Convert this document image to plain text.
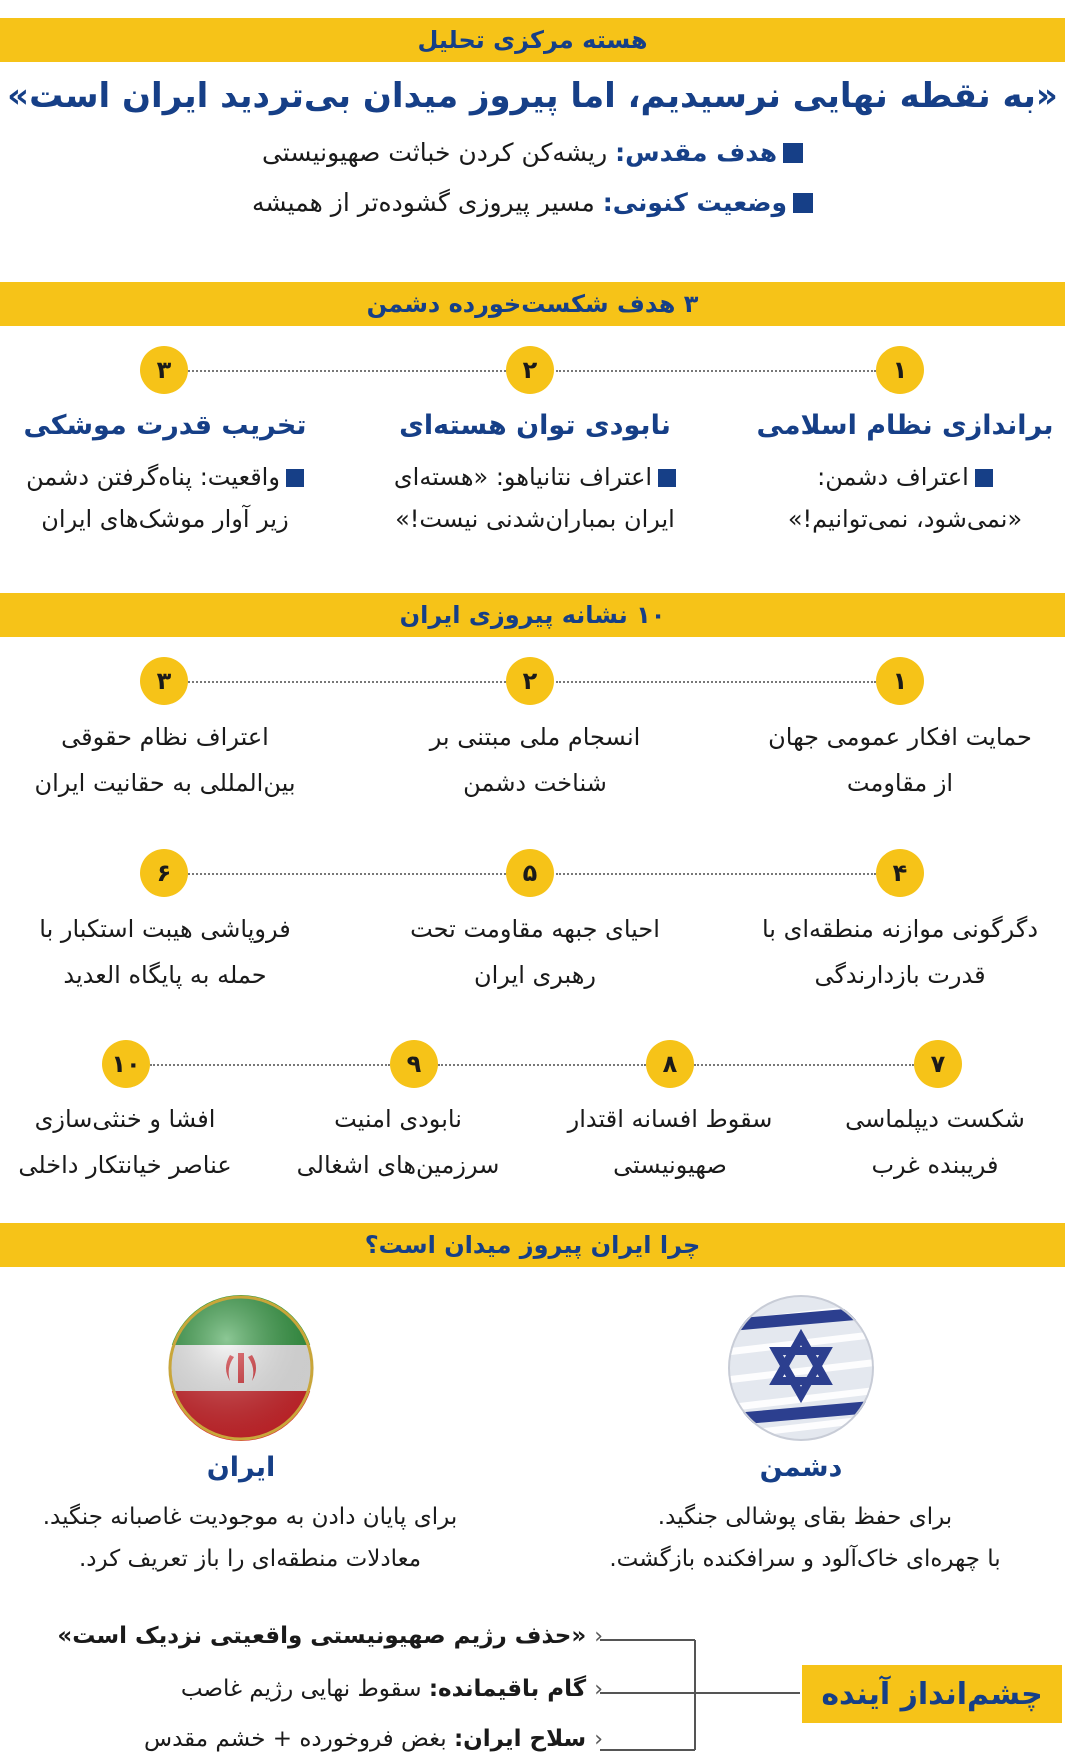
هسته مرکزی تحلیل
«به نقطه نهایی نرسیدیم، اما پیروز میدان بی‌تردید ایران است»
هدف مقدس: ریشه‌کن کردن خباثت صهیونیستی
وضعیت کنونی: مسیر پیروزی گشوده‌تر از همیشه
۳ هدف شکست‌خورده دشمن
۱
۲
۳
براندازی نظام اسلامی
نابودی توان هسته‌ای
تخریب قدرت موشکی
اعتراف دشمن:
«نمی‌شود، نمی‌توانیم!»
اعتراف نتانیاهو: «هسته‌ای
ایران بمباران‌شدنی نیست!»
واقعیت: پناه‌گرفتن دشمن
زیر آوار موشک‌های ایران
۱۰ نشانه پیروزی ایران
۱
۲
۳
حمایت افکار عمومی جهان
از مقاومت
انسجام ملی مبتنی بر
شناخت دشمن
اعتراف نظام حقوقی
بین‌المللی به حقانیت ایران
۴
۵
۶
دگرگونی موازنه منطقه‌ای با
قدرت بازدارندگی
احیای جبهه مقاومت تحت
رهبری ایران
فروپاشی هیبت استکبار با
حمله به پایگاه العدید
۷
۸
۹
۱۰
شکست دیپلماسی
فریبنده غرب
سقوط افسانه اقتدار
صهیونیستی
نابودی امنیت
سرزمین‌های اشغالی
افشا و خنثی‌سازی
عناصر خیانتکار داخلی
چرا ایران پیروز میدان است؟
دشمن
ایران
برای حفظ بقای پوشالی جنگید.
با چهره‌ای خاک‌آلود و سرافکنده بازگشت.
برای پایان دادن به موجودیت غاصبانه جنگید.
معادلات منطقه‌ای را باز تعریف کرد.
چشم‌انداز آینده
‹«حذف رژیم صهیونیستی واقعیتی نزدیک است»
‹گام باقیمانده: سقوط نهایی رژیم غاصب
‹سلاح ایران: بغض فروخورده + خشم مقدس
